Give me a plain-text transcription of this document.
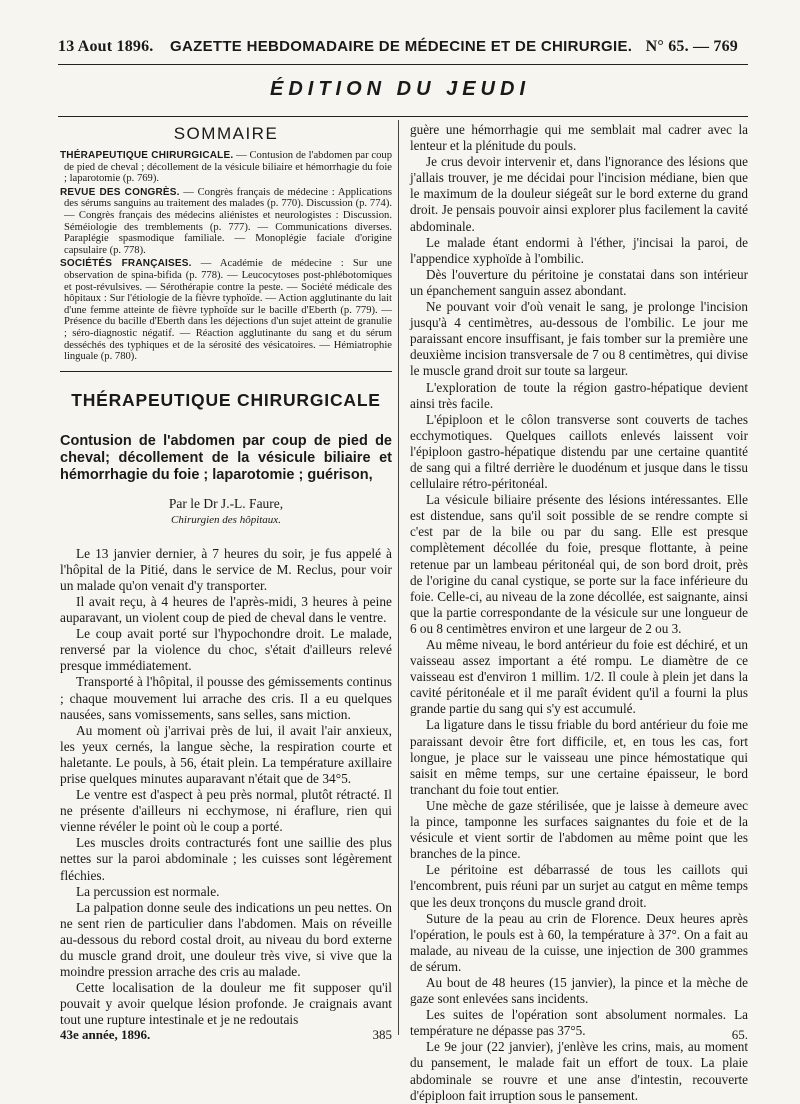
13 Aout 1896. GAZETTE HEBDOMADAIRE DE MÉDECINE ET DE CHIRURGIE. N° 65. — 769
ÉDITION DU JEUDI
SOMMAIRE

THÉRAPEUTIQUE CHIRURGICALE. — Contusion de l'abdomen par coup de pied de cheval ; décollement de la vésicule biliaire et hémorrhagie du foie ; laparotomie (p. 769).

REVUE DES CONGRÈS. — Congrès français de médecine : Applications des sérums sanguins au traitement des malades (p. 770). Discussion (p. 774). — Congrès français des médecins aliénistes et neurologistes : Discussion. Séméiologie des tremblements (p. 777). — Communications diverses. Paraplégie spasmodique familiale. — Monoplégie faciale d'origine capsulaire (p. 778).

SOCIÉTÉS FRANÇAISES. — Académie de médecine : Sur une observation de spina-bifida (p. 778). — Leucocytoses post-phlébotomiques et post-révulsives. — Sérothérapie contre la peste. — Société médicale des hôpitaux : Sur l'étiologie de la fièvre typhoïde. — Action agglutinante du lait d'une femme atteinte de fièvre typhoïde sur le bacille d'Eberth (p. 779). — Présence du bacille d'Eberth dans les déjections d'un sujet atteint de granulie ; séro-diagnostic négatif. — Réaction agglutinante du sang et du sérum desséchés des typhiques et de la sérosité des vésicatoires. — Hémiatrophie linguale (p. 780).

THÉRAPEUTIQUE CHIRURGICALE
Contusion de l'abdomen par coup de pied de cheval; décollement de la vésicule biliaire et hémorrhagie du foie ; laparotomie ; guérison,
Par le Dr J.-L. Faure,
Chirurgien des hôpitaux.

Le 13 janvier dernier, à 7 heures du soir, je fus appelé à l'hôpital de la Pitié, dans le service de M. Reclus, pour voir un malade qu'on venait d'y transporter.

Il avait reçu, à 4 heures de l'après-midi, 3 heures à peine auparavant, un violent coup de pied de cheval dans le ventre.

Le coup avait porté sur l'hypochondre droit. Le malade, renversé par la violence du choc, s'était d'ailleurs relevé presque immédiatement.

Transporté à l'hôpital, il pousse des gémissements continus ; chaque mouvement lui arrache des cris. Il a eu quelques nausées, sans vomissements, sans selles, sans miction.

Au moment où j'arrivai près de lui, il avait l'air anxieux, les yeux cernés, la langue sèche, la respiration courte et haletante. Le pouls, à 56, était plein. La température axillaire prise quelques minutes auparavant n'était que de 34°5.

Le ventre est d'aspect à peu près normal, plutôt rétracté. Il ne présente d'ailleurs ni ecchymose, ni éraflure, rien qui vienne révéler le point où le coup a porté.

Les muscles droits contracturés font une saillie des plus nettes sur la paroi abdominale ; les cuisses sont légèrement fléchies.

La percussion est normale.

La palpation donne seule des indications un peu nettes. On ne sent rien de particulier dans l'abdomen. Mais on réveille au-dessous du rebord costal droit, au niveau du bord externe du muscle grand droit, une douleur très vive, si vive que la moindre pression arrache des cris au malade.

Cette localisation de la douleur me fit supposer qu'il pouvait y avoir quelque lésion profonde. Je craignais avant tout une rupture intestinale et je ne redoutais

guère une hémorrhagie qui me semblait mal cadrer avec la lenteur et la plénitude du pouls.

Je crus devoir intervenir et, dans l'ignorance des lésions que j'allais trouver, je me décidai pour l'incision médiane, bien que le maximum de la douleur siégeât sur le bord externe du grand droit. Je pensais pouvoir ainsi explorer plus facilement la cavité abdominale.

Le malade étant endormi à l'éther, j'incisai la paroi, de l'appendice xyphoïde à l'ombilic.

Dès l'ouverture du péritoine je constatai dans son intérieur un épanchement sanguin assez abondant.

Ne pouvant voir d'où venait le sang, je prolonge l'incision jusqu'à 4 centimètres, au-dessous de l'ombilic. Le jour me paraissant encore insuffisant, je fais tomber sur la première une deuxième incision transversale de 7 ou 8 centimètres, qui divise le muscle grand droit sur toute sa largeur.

L'exploration de toute la région gastro-hépatique devient ainsi très facile.

L'épiploon et le côlon transverse sont couverts de taches ecchymotiques. Quelques caillots enlevés laissent voir l'épiploon gastro-hépatique distendu par une certaine quantité de sang qui a filtré derrière le duodénum et jusque dans le tissu cellulaire rétro-péritonéal.

La vésicule biliaire présente des lésions intéressantes. Elle est distendue, sans qu'il soit possible de se rendre compte si c'est par de la bile ou par du sang. Elle est presque complètement décollée du foie, presque flottante, à peine retenue par un lambeau péritonéal qui, de son bord droit, près de l'origine du canal cystique, se porte sur la face inférieure du foie. Celle-ci, au niveau de la zone décollée, est saignante, ainsi que la partie correspondante de la vésicule sur une longueur de 6 ou 8 centimètres environ et une largeur de 2 ou 3.

Au même niveau, le bord antérieur du foie est déchiré, et un vaisseau assez important a été rompu. Le diamètre de ce vaisseau est d'environ 1 millim. 1/2. Il coule à plein jet dans la cavité péritonéale et il me paraît évident qu'il a fourni la plus grande partie du sang qui s'y est accumulé.

La ligature dans le tissu friable du bord antérieur du foie me paraissant devoir être fort difficile, et, en tous les cas, fort longue, je place sur le vaisseau une pince hémostatique qui saisit en même temps, sur une certaine épaisseur, le bord tranchant du foie tout entier.

Une mèche de gaze stérilisée, que je laisse à demeure avec la pince, tamponne les surfaces saignantes du foie et de la vésicule et vient sortir de l'abdomen au même point que les branches de la pince.

Le péritoine est débarrassé de tous les caillots qui l'encombrent, puis réuni par un surjet au catgut en même temps que les deux tronçons du muscle grand droit.

Suture de la peau au crin de Florence. Deux heures après l'opération, le pouls est à 60, la température à 37°. On a fait au malade, au niveau de la cuisse, une injection de 300 grammes de sérum.

Au bout de 48 heures (15 janvier), la pince et la mèche de gaze sont enlevées sans incidents.

Les suites de l'opération sont absolument normales. La température ne dépasse pas 37°5.

Le 9e jour (22 janvier), j'enlève les crins, mais, au moment du pansement, le malade fait un effort de toux. La plaie abdominale se rouvre et une anse d'intestin, recouverte d'épiploon fait irruption sous le pansement.

43e année, 1896.	385	65.
